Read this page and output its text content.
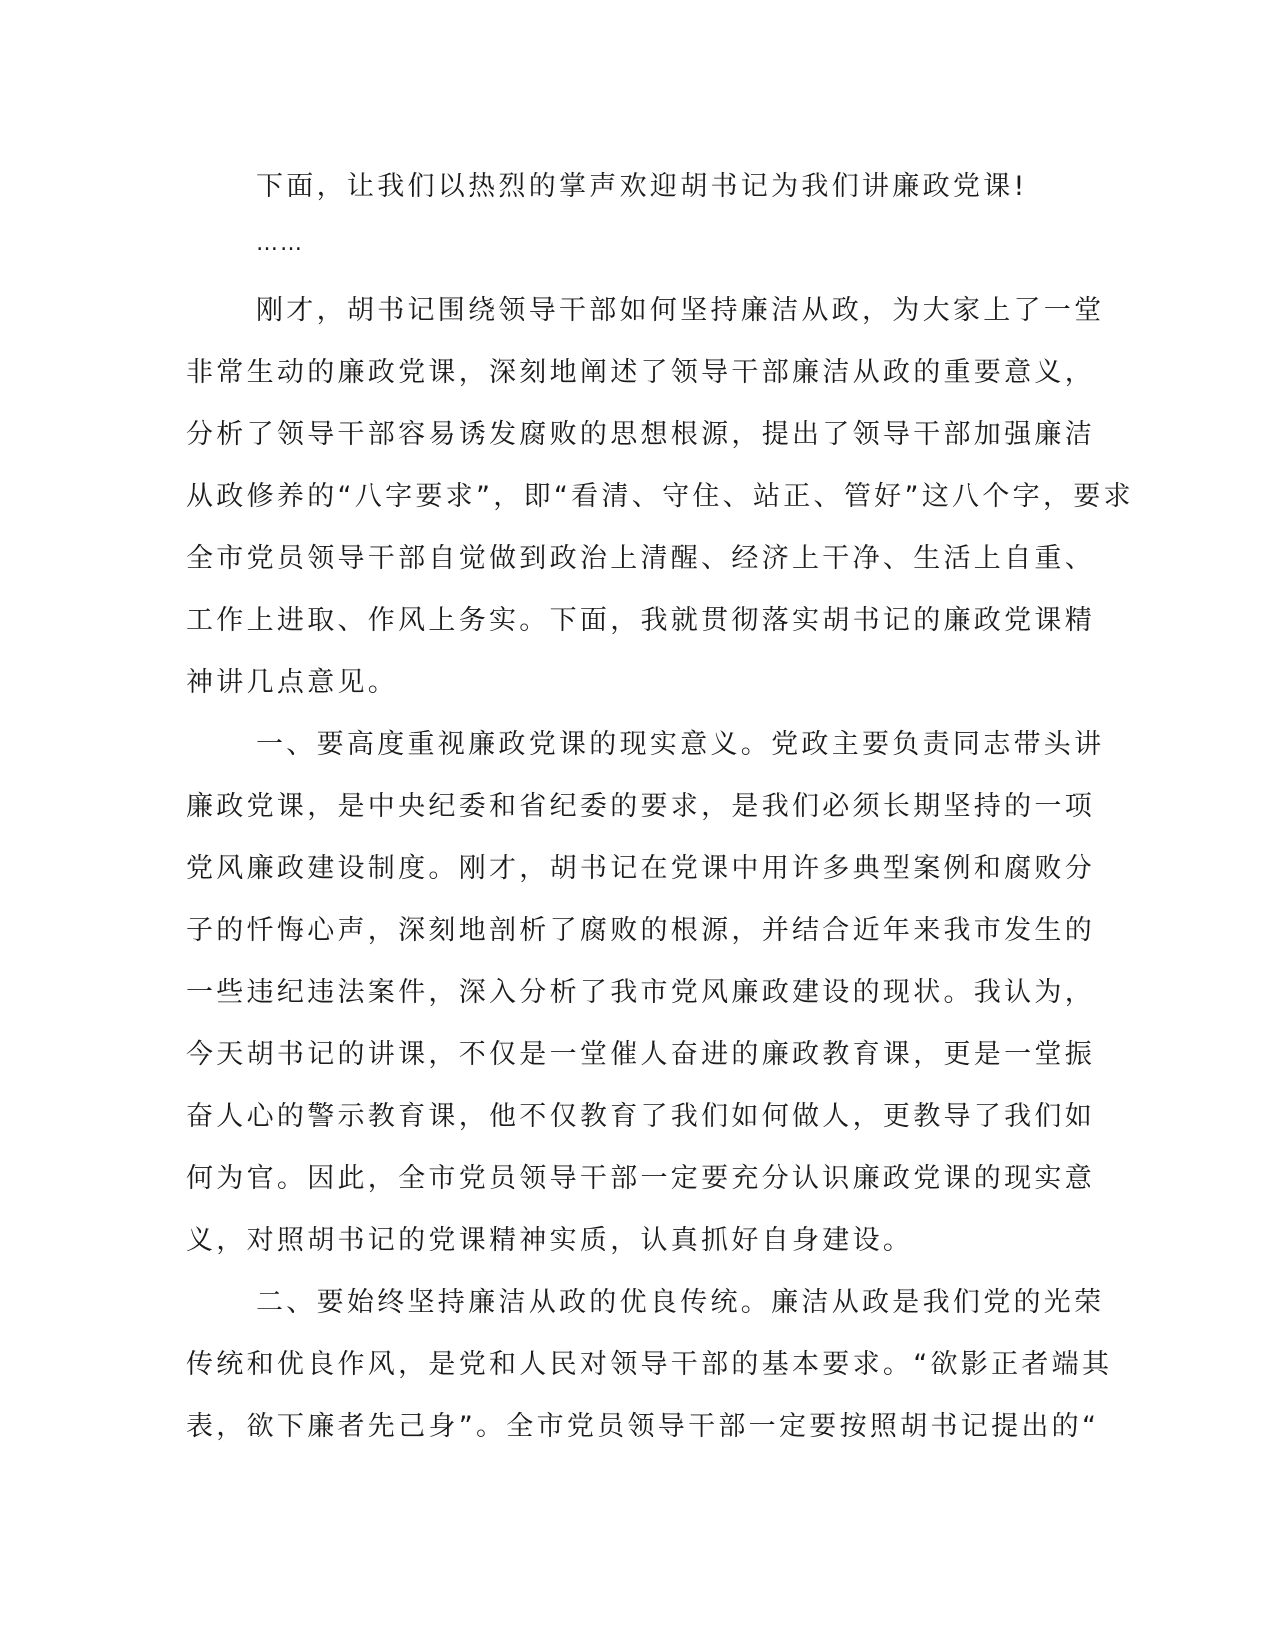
下面，让我们以热烈的掌声欢迎胡书记为我们讲廉政党课!
……
刚才，胡书记围绕领导干部如何坚持廉洁从政，为大家上了一堂
非常生动的廉政党课，深刻地阐述了领导干部廉洁从政的重要意义，
分析了领导干部容易诱发腐败的思想根源，提出了领导干部加强廉洁
从政修养的“八字要求”，即“看清、守住、站正、管好”这八个字，要求
全市党员领导干部自觉做到政治上清醒、经济上干净、生活上自重、
工作上进取、作风上务实。下面，我就贯彻落实胡书记的廉政党课精
神讲几点意见。
一、要高度重视廉政党课的现实意义。党政主要负责同志带头讲
廉政党课，是中央纪委和省纪委的要求，是我们必须长期坚持的一项
党风廉政建设制度。刚才，胡书记在党课中用许多典型案例和腐败分
子的忏悔心声，深刻地剖析了腐败的根源，并结合近年来我市发生的
一些违纪违法案件，深入分析了我市党风廉政建设的现状。我认为，
今天胡书记的讲课，不仅是一堂催人奋进的廉政教育课，更是一堂振
奋人心的警示教育课，他不仅教育了我们如何做人，更教导了我们如
何为官。因此，全市党员领导干部一定要充分认识廉政党课的现实意
义，对照胡书记的党课精神实质，认真抓好自身建设。
二、要始终坚持廉洁从政的优良传统。廉洁从政是我们党的光荣
传统和优良作风，是党和人民对领导干部的基本要求。“欲影正者端其
表，欲下廉者先己身”。全市党员领导干部一定要按照胡书记提出的“
